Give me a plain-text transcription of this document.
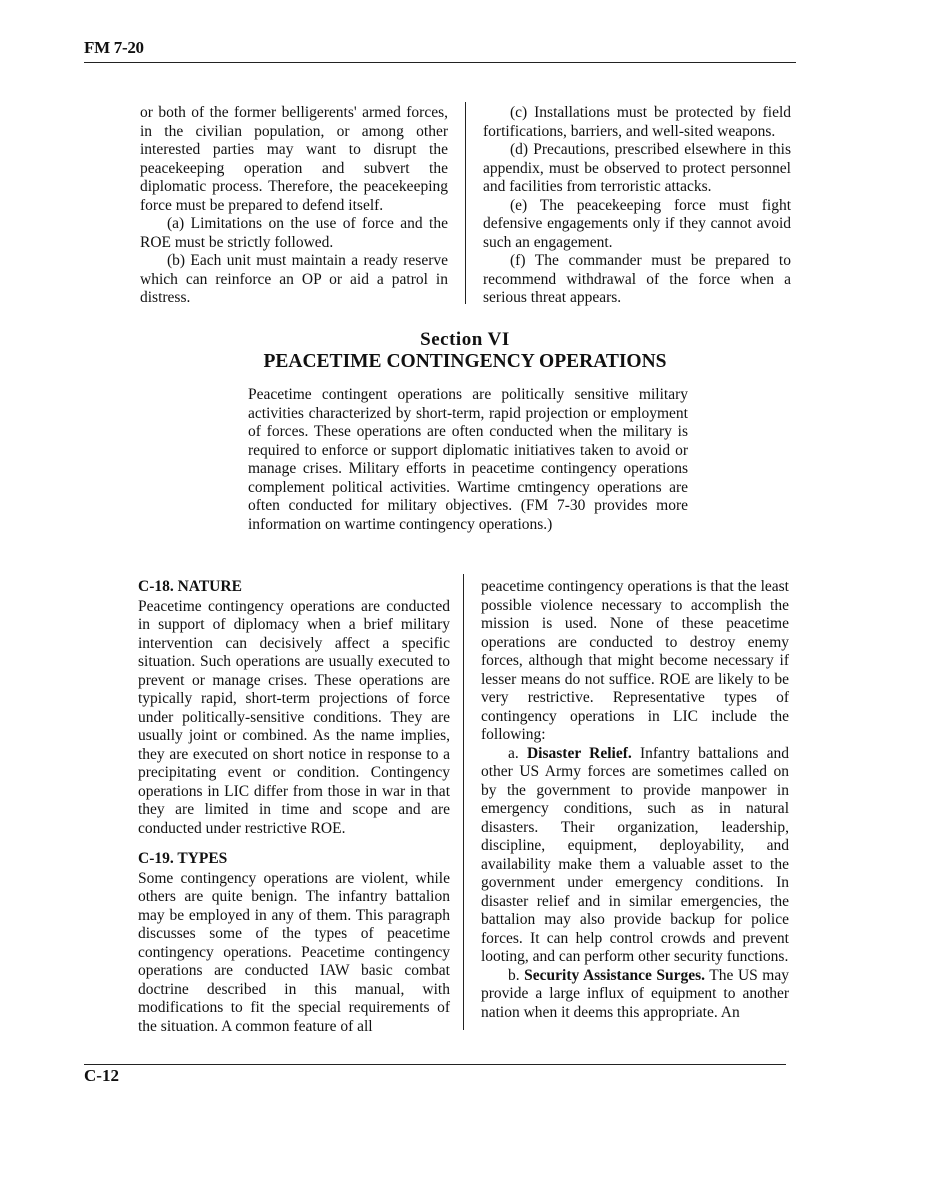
FM 7-20

or both of the former belligerents' armed forces, in the civilian population, or among other interested parties may want to disrupt the peacekeeping operation and subvert the diplomatic process. Therefore, the peacekeeping force must be prepared to defend itself.

(a) Limitations on the use of force and the ROE must be strictly followed.

(b) Each unit must maintain a ready reserve which can reinforce an OP or aid a patrol in distress.

(c) Installations must be protected by field fortifications, barriers, and well-sited weapons.

(d) Precautions, prescribed elsewhere in this appendix, must be observed to protect personnel and facilities from terroristic attacks.

(e) The peacekeeping force must fight defensive engagements only if they cannot avoid such an engagement.

(f) The commander must be prepared to recommend withdrawal of the force when a serious threat appears.

Section VI
PEACETIME CONTINGENCY OPERATIONS
Peacetime contingent operations are politically sensitive military activities characterized by short-term, rapid projection or employment of forces. These operations are often conducted when the military is required to enforce or support diplomatic initiatives taken to avoid or manage crises. Military efforts in peacetime contingency operations complement political activities. Wartime cmtingency operations are often conducted for military objectives. (FM 7-30 provides more information on wartime contingency operations.)
C-18. NATURE

Peacetime contingency operations are conducted in support of diplomacy when a brief military intervention can decisively affect a specific situation. Such operations are usually executed to prevent or manage crises. These operations are typically rapid, short-term projections of force under politically-sensitive conditions. They are usually joint or combined. As the name implies, they are executed on short notice in response to a precipitating event or condition. Contingency operations in LIC differ from those in war in that they are limited in time and scope and are conducted under restrictive ROE.

C-19. TYPES

Some contingency operations are violent, while others are quite benign. The infantry battalion may be employed in any of them. This paragraph discusses some of the types of peacetime contingency operations. Peacetime contingency operations are conducted IAW basic combat doctrine described in this manual, with modifications to fit the special requirements of the situation. A common feature of all

peacetime contingency operations is that the least possible violence necessary to accomplish the mission is used. None of these peacetime operations are conducted to destroy enemy forces, although that might become necessary if lesser means do not suffice. ROE are likely to be very restrictive. Representative types of contingency operations in LIC include the following:

a. Disaster Relief. Infantry battalions and other US Army forces are sometimes called on by the government to provide manpower in emergency conditions, such as in natural disasters. Their organization, leadership, discipline, equipment, deployability, and availability make them a valuable asset to the government under emergency conditions. In disaster relief and in similar emergencies, the battalion may also provide backup for police forces. It can help control crowds and prevent looting, and can perform other security functions.

b. Security Assistance Surges. The US may provide a large influx of equipment to another nation when it deems this appropriate. An

C-12
